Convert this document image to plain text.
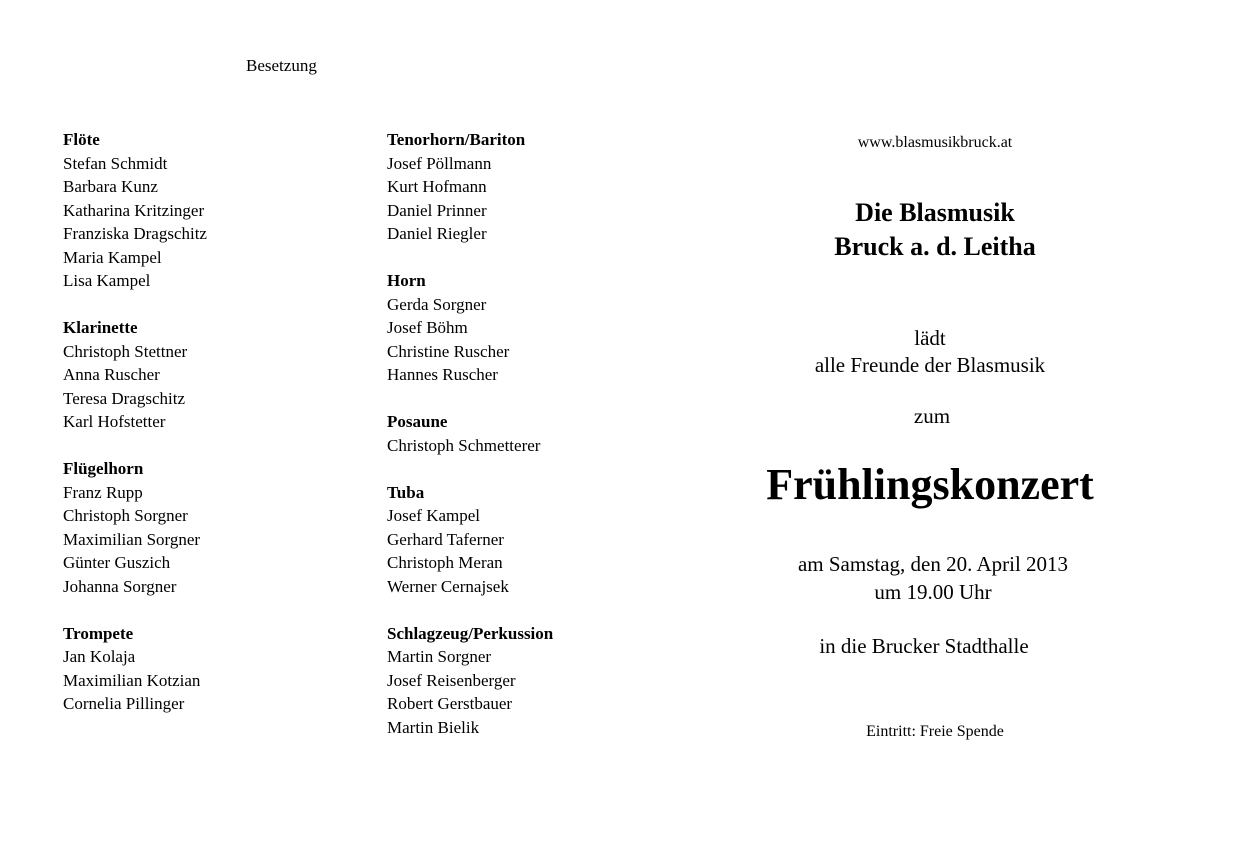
Besetzung
Flöte
Stefan Schmidt
Barbara Kunz
Katharina Kritzinger
Franziska Dragschitz
Maria Kampel
Lisa Kampel
Klarinette
Christoph Stettner
Anna Ruscher
Teresa Dragschitz
Karl Hofstetter
Flügelhorn
Franz Rupp
Christoph Sorgner
Maximilian Sorgner
Günter Guszich
Johanna Sorgner
Trompete
Jan Kolaja
Maximilian Kotzian
Cornelia Pillinger
Tenorhorn/Bariton
Josef Pöllmann
Kurt Hofmann
Daniel Prinner
Daniel Riegler
Horn
Gerda Sorgner
Josef Böhm
Christine Ruscher
Hannes Ruscher
Posaune
Christoph Schmetterer
Tuba
Josef Kampel
Gerhard Taferner
Christoph Meran
Werner Cernajsek
Schlagzeug/Perkussion
Martin Sorgner
Josef Reisenberger
Robert Gerstbauer
Martin Bielik
www.blasmusikbruck.at
Die Blasmusik
Bruck a. d. Leitha
lädt
alle Freunde der Blasmusik
zum
Frühlingskonzert
am Samstag, den 20. April 2013
um 19.00 Uhr
in die Brucker Stadthalle
Eintritt: Freie Spende
